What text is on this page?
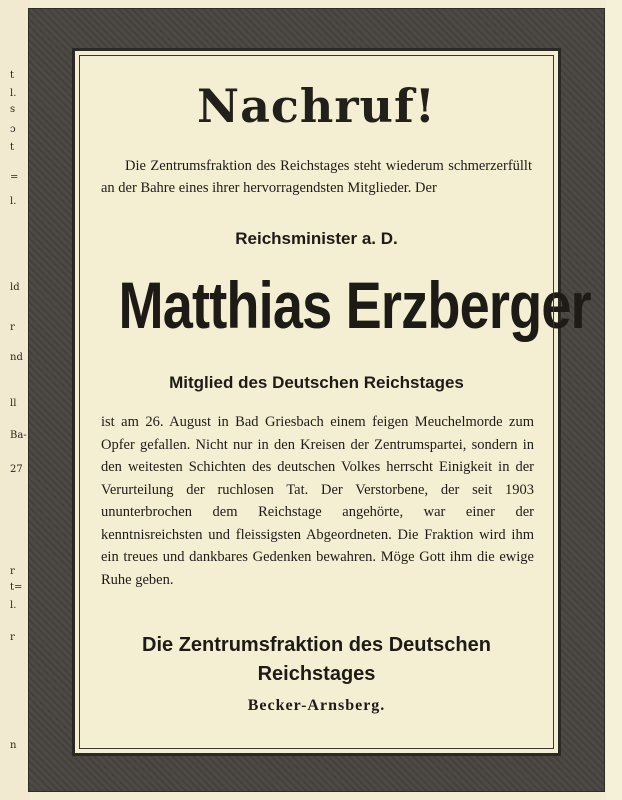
t
l.
s
ɔ
t
=
l.
ld
r
nd
ll
Ba-
27
r
t=
l.
r
n
Nachruf!
Die Zentrumsfraktion des Reichstages steht wiederum schmerzerfüllt an der Bahre eines ihrer hervorragendsten Mitglieder. Der
Reichsminister a. D.
Matthias Erzberger
Mitglied des Deutschen Reichstages
ist am 26. August in Bad Griesbach einem feigen Meuchelmorde zum Opfer gefallen. Nicht nur in den Kreisen der Zentrumspartei, sondern in den weitesten Schichten des deutschen Volkes herrscht Einigkeit in der Verurteilung der ruchlosen Tat. Der Verstorbene, der seit 1903 ununterbrochen dem Reichstage angehörte, war einer der kenntnisreichsten und fleissigsten Abgeordneten. Die Fraktion wird ihm ein treues und dankbares Gedenken bewahren. Möge Gott ihm die ewige Ruhe geben.
Die Zentrumsfraktion des Deutschen
Reichstages
Becker-Arnsberg.
